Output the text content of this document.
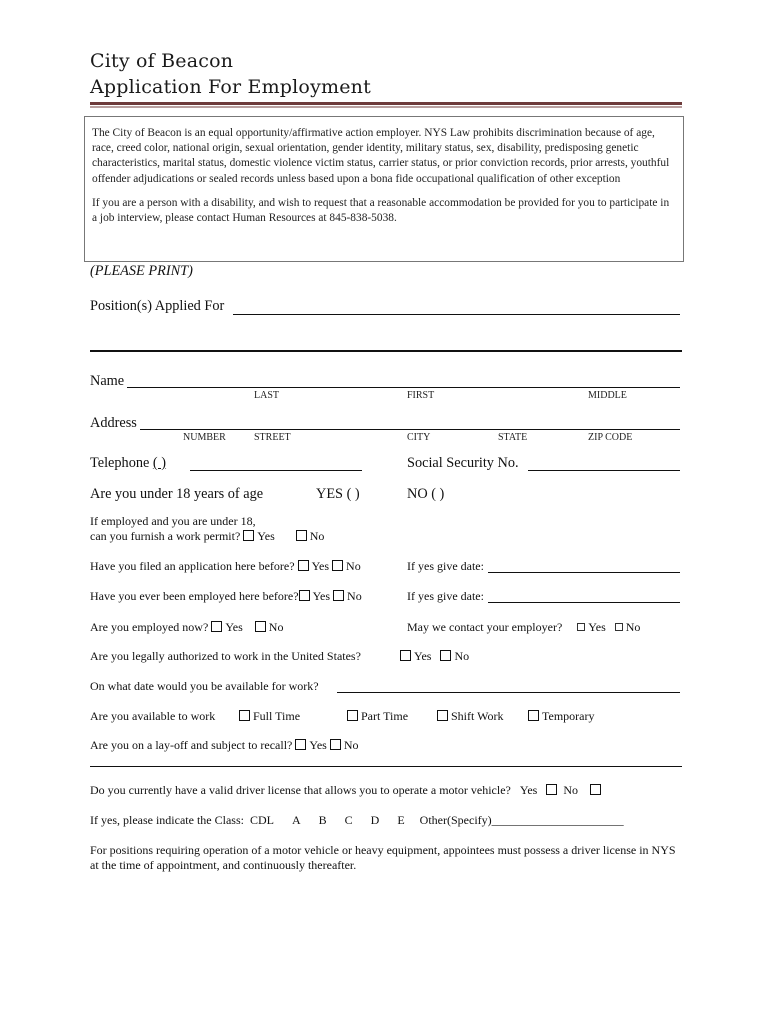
City of Beacon
Application For Employment

The City of Beacon is an equal opportunity/affirmative action employer. NYS Law prohibits discrimination because of age, race, creed color, national origin, sexual orientation, gender identity, military status, sex, disability, predisposing genetic characteristics, marital status, domestic violence victim status, carrier status, or prior conviction records, prior arrests, youthful offender adjudications or sealed records unless based upon a bona fide occupational qualification of other exception

If you are a person with a disability, and wish to request that a reasonable accommodation be provided for you to participate in a job interview, please contact Human Resources at 845-838-5038.

(PLEASE PRINT)
Position(s) Applied For
Name
LAST	FIRST	MIDDLE
Address
NUMBER	STREET	CITY	STATE	ZIP CODE
Telephone ( )	Social Security No.
Are you under 18 years of age	YES ( )	NO ( )
If employed and you are under 18,
can you furnish a work permit? Yes	No
Have you filed an application here before? Yes No	If yes give date:
Have you ever been employed here before? Yes No	If yes give date:
Are you employed now? Yes No	May we contact your employer? Yes No
Are you legally authorized to work in the United States?	Yes No
On what date would you be available for work?
Are you available to work	Full Time	Part Time	Shift Work	Temporary
Are you on a lay-off and subject to recall? Yes No
Do you currently have a valid driver license that allows you to operate a motor vehicle? Yes No
If yes, please indicate the Class: CDL A B C D E Other(Specify)______________________
For positions requiring operation of a motor vehicle or heavy equipment, appointees must possess a driver license in NYS at the time of appointment, and continuously thereafter.
